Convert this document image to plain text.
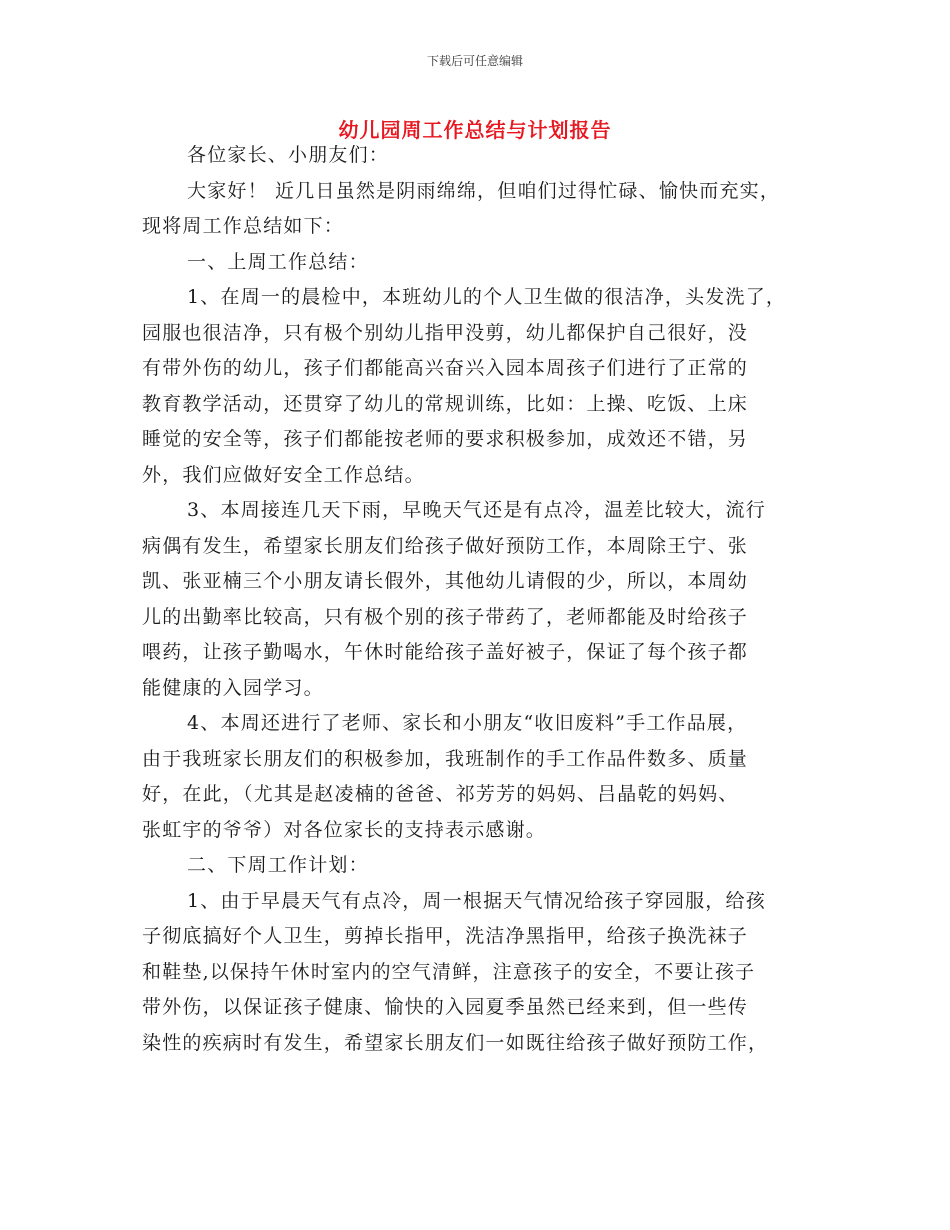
下载后可任意编辑
幼儿园周工作总结与计划报告
各位家长、小朋友们：
大家好！ 近几日虽然是阴雨绵绵，但咱们过得忙碌、愉快而充实，
现将周工作总结如下：
一、上周工作总结：
1、在周一的晨检中，本班幼儿的个人卫生做的很洁净，头发洗了，
园服也很洁净，只有极个别幼儿指甲没剪，幼儿都保护自己很好，没
有带外伤的幼儿，孩子们都能高兴奋兴入园本周孩子们进行了正常的
教育教学活动，还贯穿了幼儿的常规训练，比如：上操、吃饭、上床
睡觉的安全等，孩子们都能按老师的要求积极参加，成效还不错，另
外，我们应做好安全工作总结。
3、本周接连几天下雨，早晚天气还是有点冷，温差比较大，流行
病偶有发生，希望家长朋友们给孩子做好预防工作，本周除王宁、张
凯、张亚楠三个小朋友请长假外，其他幼儿请假的少，所以，本周幼
儿的出勤率比较高，只有极个别的孩子带药了，老师都能及时给孩子
喂药，让孩子勤喝水，午休时能给孩子盖好被子，保证了每个孩子都
能健康的入园学习。
4、本周还进行了老师、家长和小朋友“收旧废料”手工作品展，
由于我班家长朋友们的积极参加，我班制作的手工作品件数多、质量
好，在此，（尤其是赵凌楠的爸爸、祁芳芳的妈妈、吕晶乾的妈妈、
张虹宇的爷爷）对各位家长的支持表示感谢。
二、下周工作计划：
1、由于早晨天气有点冷，周一根据天气情况给孩子穿园服，给孩
子彻底搞好个人卫生，剪掉长指甲，洗洁净黑指甲，给孩子换洗袜子
和鞋垫,以保持午休时室内的空气清鲜，注意孩子的安全，不要让孩子
带外伤，以保证孩子健康、愉快的入园夏季虽然已经来到，但一些传
染性的疾病时有发生，希望家长朋友们一如既往给孩子做好预防工作，
